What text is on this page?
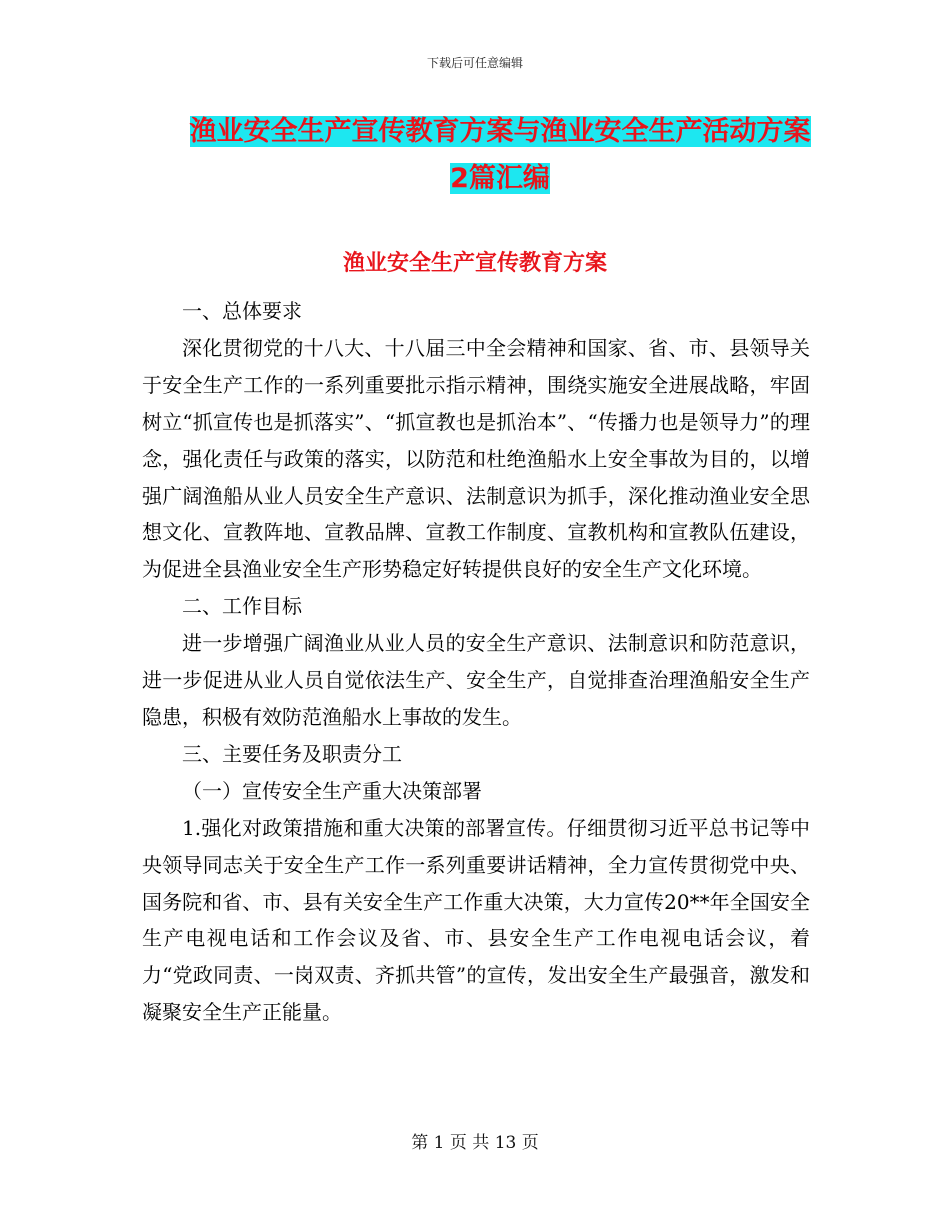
下载后可任意编辑
渔业安全生产宣传教育方案与渔业安全生产活动方案
2篇汇编
渔业安全生产宣传教育方案

一、总体要求

深化贯彻党的十八大、十八届三中全会精神和国家、省、市、县领导关于安全生产工作的一系列重要批示指示精神，围绕实施安全进展战略，牢固树立“抓宣传也是抓落实”、“抓宣教也是抓治本”、“传播力也是领导力”的理念，强化责任与政策的落实，以防范和杜绝渔船水上安全事故为目的，以增强广阔渔船从业人员安全生产意识、法制意识为抓手，深化推动渔业安全思想文化、宣教阵地、宣教品牌、宣教工作制度、宣教机构和宣教队伍建设，为促进全县渔业安全生产形势稳定好转提供良好的安全生产文化环境。

二、工作目标

进一步增强广阔渔业从业人员的安全生产意识、法制意识和防范意识，进一步促进从业人员自觉依法生产、安全生产，自觉排查治理渔船安全生产隐患，积极有效防范渔船水上事故的发生。

三、主要任务及职责分工

（一）宣传安全生产重大决策部署

1.强化对政策措施和重大决策的部署宣传。仔细贯彻习近平总书记等中央领导同志关于安全生产工作一系列重要讲话精神，全力宣传贯彻党中央、国务院和省、市、县有关安全生产工作重大决策，大力宣传20**年全国安全生产电视电话和工作会议及省、市、县安全生产工作电视电话会议，着力“党政同责、一岗双责、齐抓共管”的宣传，发出安全生产最强音，激发和凝聚安全生产正能量。

第 1 页 共 13 页
